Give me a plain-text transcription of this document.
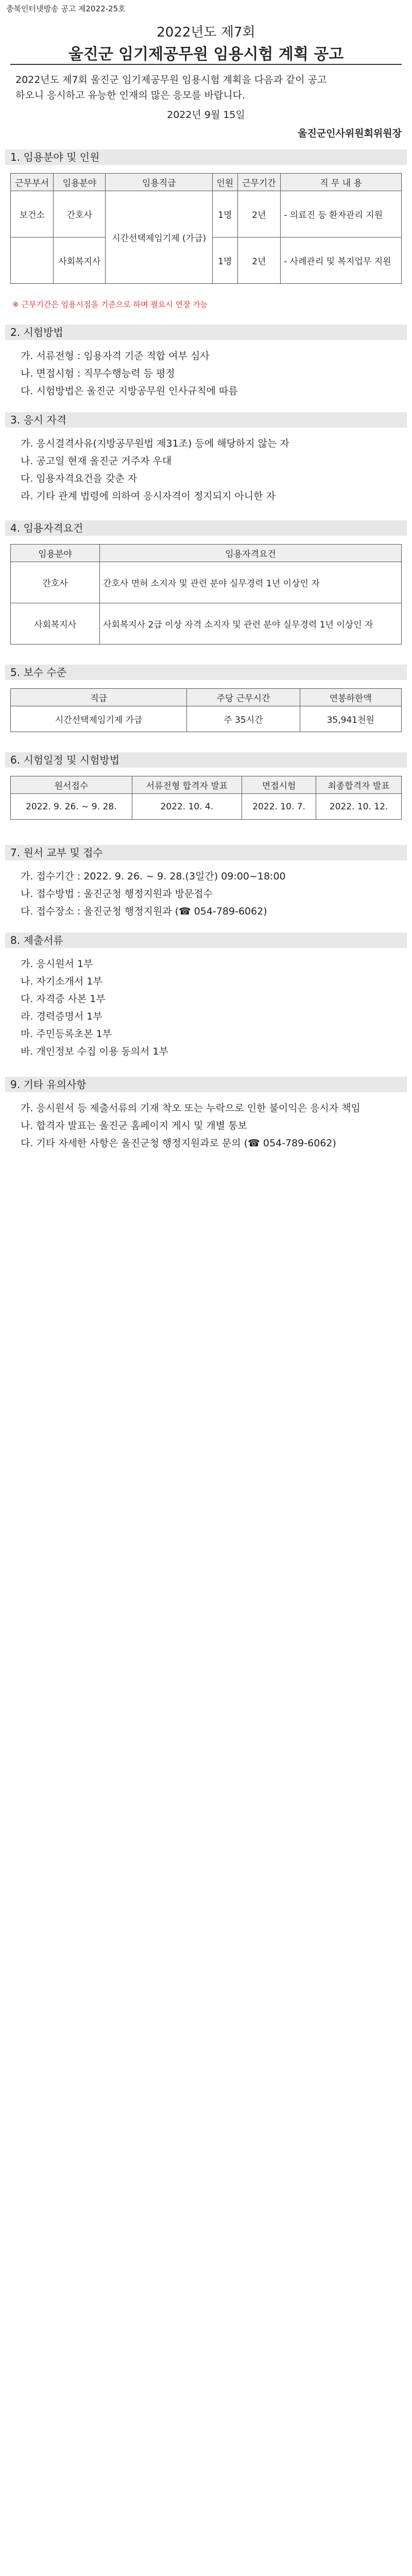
충북인터넷방송 공고 제2022-25호
2022년도 제7회
울진군 임기제공무원 임용시험 계획 공고
2022년도 제7회 울진군 임기제공무원 임용시험 계획을 다음과 같이 공고
하오니 응시하고 유능한 인재의 많은 응모를 바랍니다.
2022년 9월 15일
울진군인사위원회위원장
1. 임용분야 및 인원
근무부서	임용분야	임용직급	인원	근무기간	직 무 내 용
보건소	간호사	시간선택제임기제 (가급)	1명	2년	- 의료진 등 환자관리 지원
	사회복지사		1명	2년	- 사례관리 및 복지업무 지원
※ 근무기간은 임용시점을 기준으로 하며 필요시 연장 가능
2. 시험방법
가. 서류전형 : 임용자격 기준 적합 여부 심사
나. 면접시험 : 직무수행능력 등 평정
다. 시험방법은 울진군 지방공무원 인사규칙에 따름
3. 응시 자격
가. 응시결격사유(지방공무원법 제31조) 등에 해당하지 않는 자
나. 공고일 현재 울진군 거주자 우대
다. 임용자격요건을 갖춘 자
라. 기타 관계 법령에 의하여 응시자격이 정지되지 아니한 자
4. 임용자격요건
임용분야	임용자격요건
간호사	간호사 면허 소지자 및 관련 분야 실무경력 1년 이상인 자
사회복지사	사회복지사 2급 이상 자격 소지자 및 관련 분야 실무경력 1년 이상인 자
5. 보수 수준
직급	주당 근무시간	연봉하한액
시간선택제임기제 가급	주 35시간	35,941천원
6. 시험일정 및 시험방법
원서접수	서류전형 합격자 발표	면접시험	최종합격자 발표
2022. 9. 26. ~ 9. 28.	2022. 10. 4.	2022. 10. 7.	2022. 10. 12.
7. 원서 교부 및 접수
가. 접수기간 : 2022. 9. 26. ~ 9. 28.(3일간) 09:00~18:00
나. 접수방법 : 울진군청 행정지원과 방문접수
다. 접수장소 : 울진군청 행정지원과 (☎ 054-789-6062)
8. 제출서류
가. 응시원서 1부
나. 자기소개서 1부
다. 자격증 사본 1부
라. 경력증명서 1부
마. 주민등록초본 1부
바. 개인정보 수집 이용 동의서 1부
9. 기타 유의사항
가. 응시원서 등 제출서류의 기재 착오 또는 누락으로 인한 불이익은 응시자 책임
나. 합격자 발표는 울진군 홈페이지 게시 및 개별 통보
다. 기타 자세한 사항은 울진군청 행정지원과로 문의 (☎ 054-789-6062)
